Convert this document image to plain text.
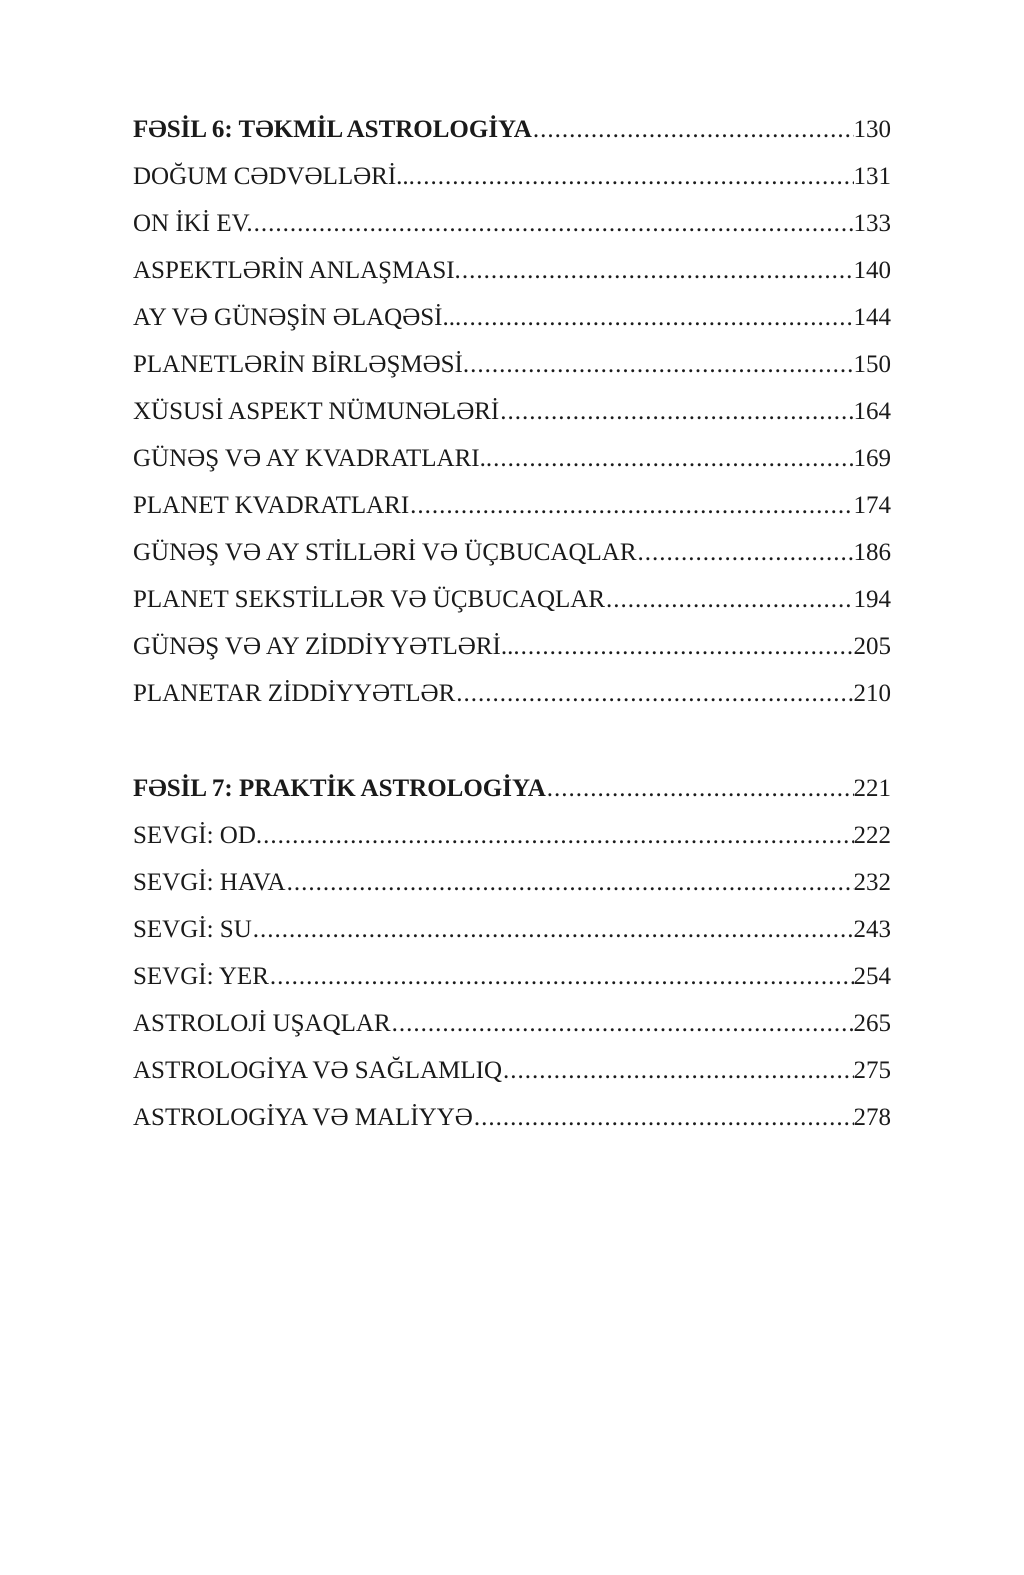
FƏSİL 6: TƏKMİL ASTROLOGİYA .....	130
DOĞUM CƏDVƏLLƏRİ... .....	131
ON İKİ EV. .....	133
ASPEKTLƏRİN ANLAŞMASI. .....	140
AY VƏ GÜNƏŞİN ƏLAQƏSİ... .....	144
PLANETLƏRİN BİRLƏŞMƏSİ. .....	150
XÜSUSİ ASPEKT NÜMUNƏLƏRİ .....	164
GÜNƏŞ VƏ AY KVADRATLARI.. .....	169
PLANET KVADRATLARI .....	174
GÜNƏŞ VƏ AY STİLLƏRİ VƏ ÜÇBUCAQLAR .....	186
PLANET SEKSTİLLƏR VƏ ÜÇBUCAQLAR .....	194
GÜNƏŞ VƏ AY ZİDDİYYƏTLƏRİ... .....	205
PLANETAR ZİDDİYYƏTLƏR .....	210
FƏSİL 7: PRAKTİK ASTROLOGİYA .....	221
SEVGİ: OD. .....	222
SEVGİ: HAVA .....	232
SEVGİ: SU .....	243
SEVGİ: YER .....	254
ASTROLOJİ UŞAQLAR .....	265
ASTROLOGİYA VƏ SAĞLAMLIQ .....	275
ASTROLOGİYA VƏ MALİYYƏ .....	278
